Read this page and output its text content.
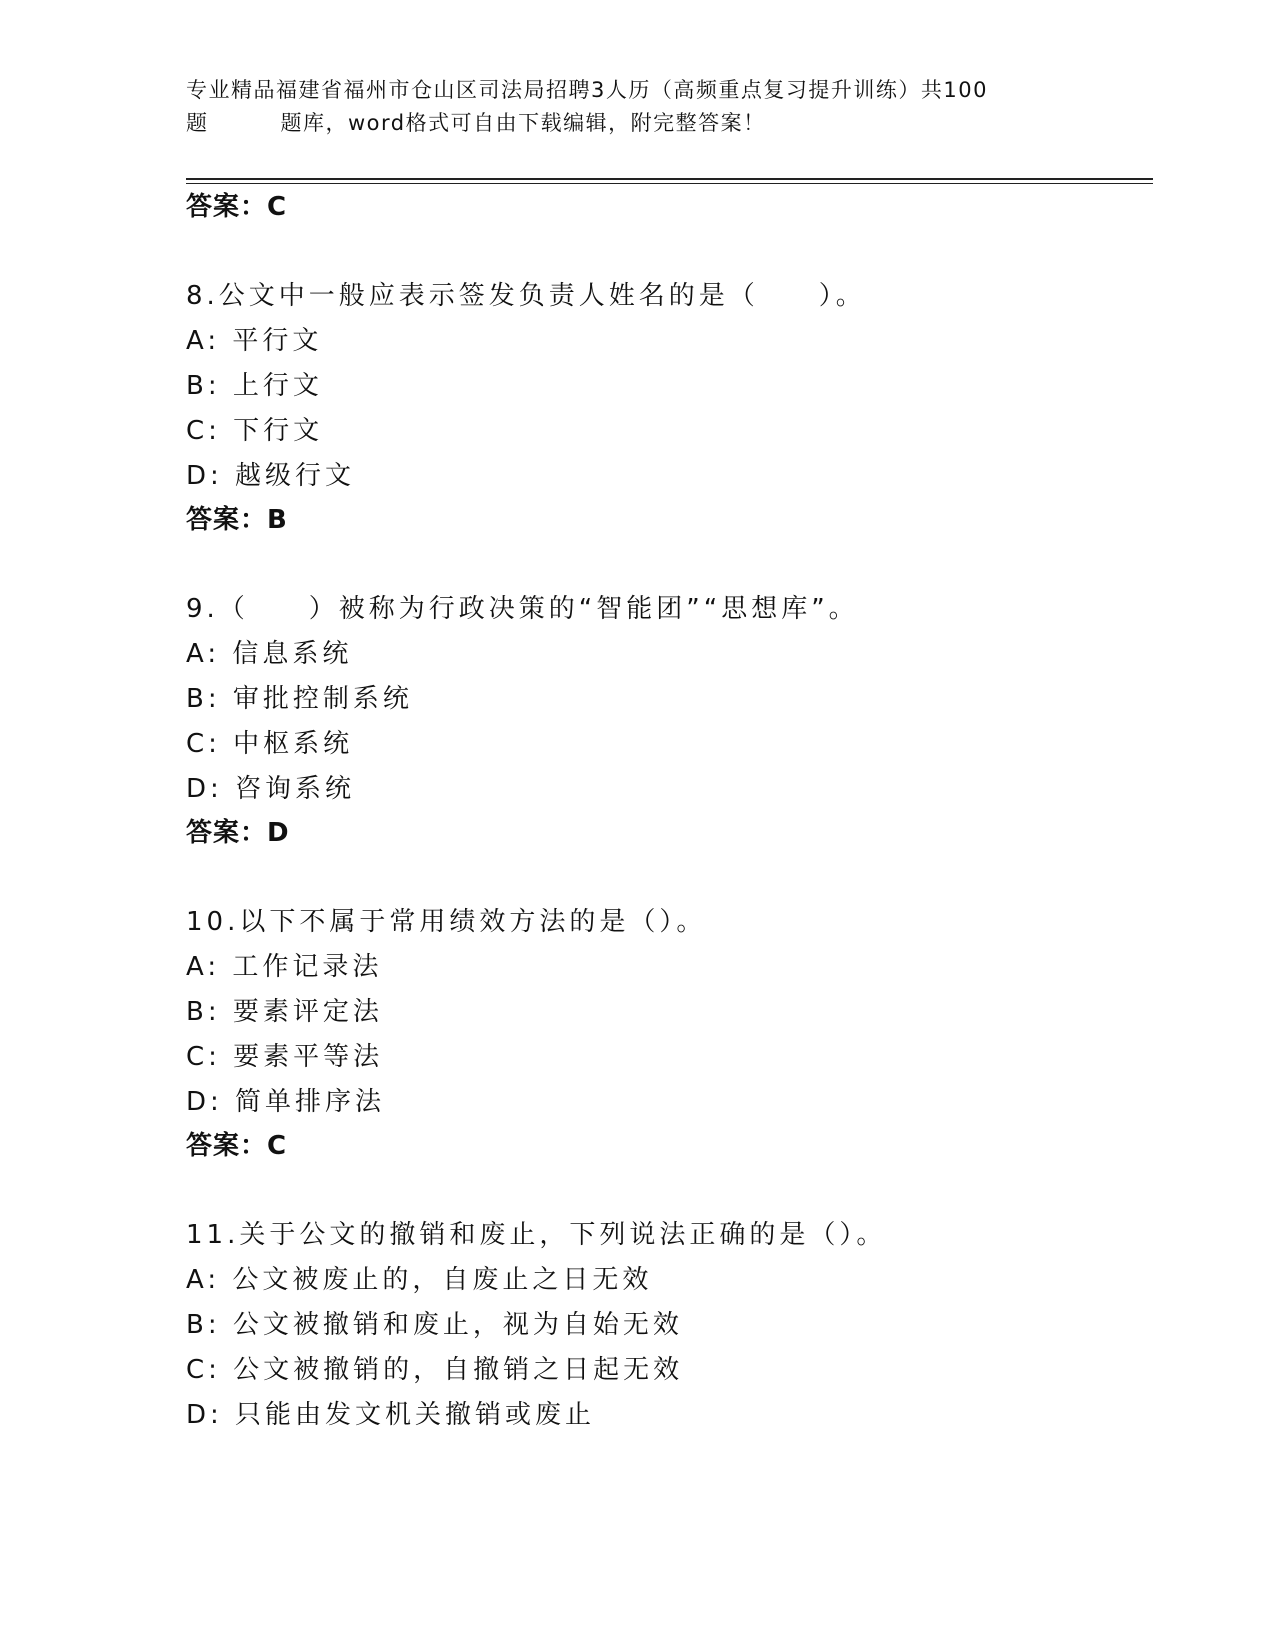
专业精品福建省福州市仓山区司法局招聘3人历（高频重点复习提升训练）共100
题	题库，word格式可自由下载编辑，附完整答案！
答案：C
8.公文中一般应表示签发负责人姓名的是（　　）。
A: 平行文
B: 上行文
C: 下行文
D: 越级行文
答案：B
9.（　　）被称为行政决策的“智能团”“思想库”。
A: 信息系统
B: 审批控制系统
C: 中枢系统
D: 咨询系统
答案：D
10.以下不属于常用绩效方法的是（）。
A: 工作记录法
B: 要素评定法
C: 要素平等法
D: 简单排序法
答案：C
11.关于公文的撤销和废止，下列说法正确的是（）。
A: 公文被废止的，自废止之日无效
B: 公文被撤销和废止，视为自始无效
C: 公文被撤销的，自撤销之日起无效
D: 只能由发文机关撤销或废止
